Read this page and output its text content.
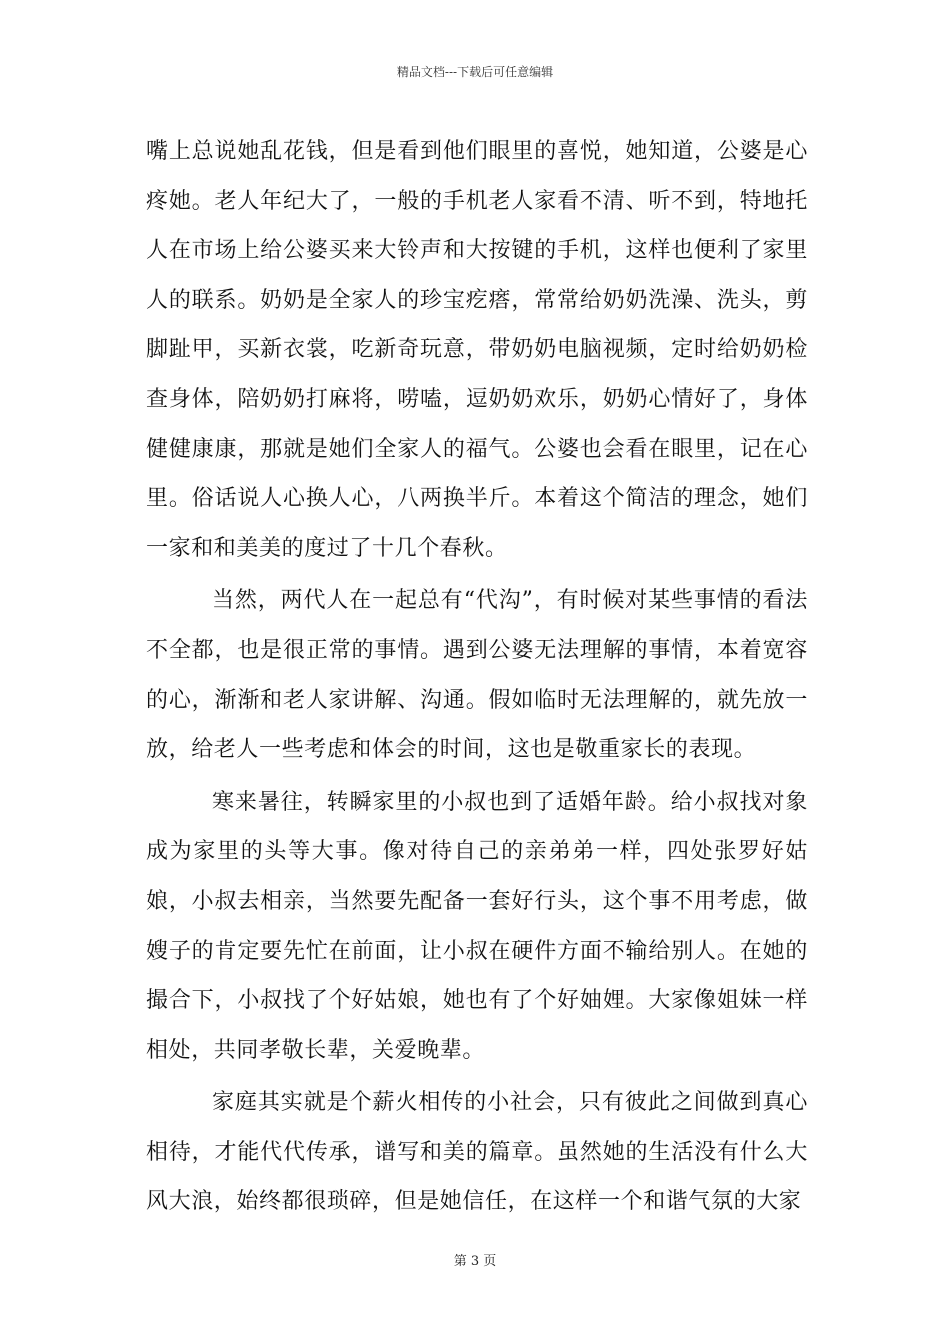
精品文档---下载后可任意编辑

嘴上总说她乱花钱，但是看到他们眼里的喜悦，她知道，公婆是心疼她。老人年纪大了，一般的手机老人家看不清、听不到，特地托人在市场上给公婆买来大铃声和大按键的手机，这样也便利了家里人的联系。奶奶是全家人的珍宝疙瘩，常常给奶奶洗澡、洗头，剪脚趾甲，买新衣裳，吃新奇玩意，带奶奶电脑视频，定时给奶奶检查身体，陪奶奶打麻将，唠嗑，逗奶奶欢乐，奶奶心情好了，身体健健康康，那就是她们全家人的福气。公婆也会看在眼里，记在心里。俗话说人心换人心，八两换半斤。本着这个简洁的理念，她们一家和和美美的度过了十几个春秋。

当然，两代人在一起总有“代沟”，有时候对某些事情的看法不全都，也是很正常的事情。遇到公婆无法理解的事情，本着宽容的心，渐渐和老人家讲解、沟通。假如临时无法理解的，就先放一放，给老人一些考虑和体会的时间，这也是敬重家长的表现。

寒来暑往，转瞬家里的小叔也到了适婚年龄。给小叔找对象成为家里的头等大事。像对待自己的亲弟弟一样，四处张罗好姑娘，小叔去相亲，当然要先配备一套好行头，这个事不用考虑，做嫂子的肯定要先忙在前面，让小叔在硬件方面不输给别人。在她的撮合下，小叔找了个好姑娘，她也有了个好妯娌。大家像姐妹一样相处，共同孝敬长辈，关爱晚辈。

家庭其实就是个薪火相传的小社会，只有彼此之间做到真心相待，才能代代传承，谱写和美的篇章。虽然她的生活没有什么大风大浪，始终都很琐碎，但是她信任，在这样一个和谐气氛的大家

第 3 页
